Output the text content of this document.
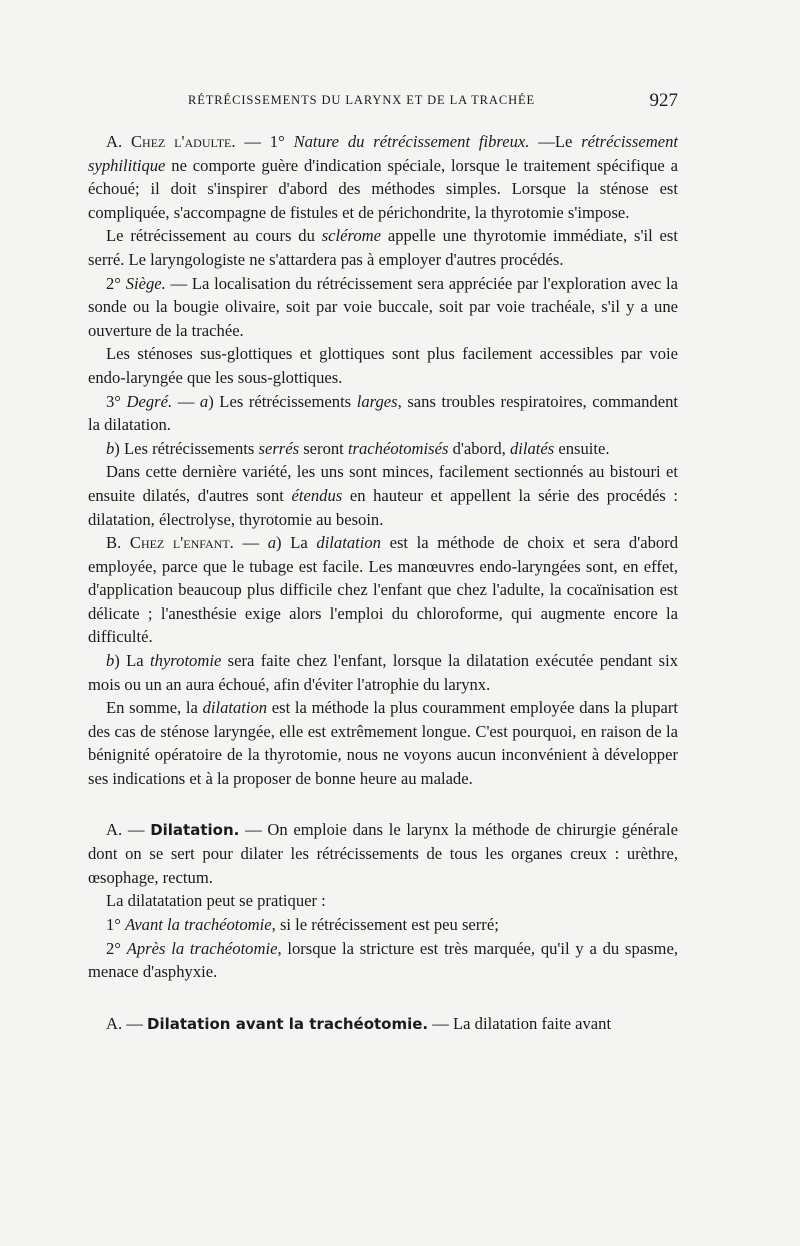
RÉTRÉCISSEMENTS DU LARYNX ET DE LA TRACHÉE	927

A. Chez l'adulte. — 1° Nature du rétrécissement fibreux. —Le rétrécissement syphilitique ne comporte guère d'indication spéciale, lorsque le traitement spécifique a échoué; il doit s'inspirer d'abord des méthodes simples. Lorsque la sténose est compliquée, s'accompagne de fistules et de périchondrite, la thyrotomie s'impose.

Le rétrécissement au cours du sclérome appelle une thyrotomie immédiate, s'il est serré. Le laryngologiste ne s'attardera pas à employer d'autres procédés.

2° Siège. — La localisation du rétrécissement sera appréciée par l'exploration avec la sonde ou la bougie olivaire, soit par voie buccale, soit par voie trachéale, s'il y a une ouverture de la trachée.

Les sténoses sus-glottiques et glottiques sont plus facilement accessibles par voie endo-laryngée que les sous-glottiques.

3° Degré. — a) Les rétrécissements larges, sans troubles respiratoires, commandent la dilatation.

b) Les rétrécissements serrés seront trachéotomisés d'abord, dilatés ensuite.

Dans cette dernière variété, les uns sont minces, facilement sectionnés au bistouri et ensuite dilatés, d'autres sont étendus en hauteur et appellent la série des procédés : dilatation, électrolyse, thyrotomie au besoin.

B. Chez l'enfant. — a) La dilatation est la méthode de choix et sera d'abord employée, parce que le tubage est facile. Les manœuvres endo-laryngées sont, en effet, d'application beaucoup plus difficile chez l'enfant que chez l'adulte, la cocaïnisation est délicate ; l'anesthésie exige alors l'emploi du chloroforme, qui augmente encore la difficulté.

b) La thyrotomie sera faite chez l'enfant, lorsque la dilatation exécutée pendant six mois ou un an aura échoué, afin d'éviter l'atrophie du larynx.

En somme, la dilatation est la méthode la plus couramment employée dans la plupart des cas de sténose laryngée, elle est extrêmement longue. C'est pourquoi, en raison de la bénignité opératoire de la thyrotomie, nous ne voyons aucun inconvénient à développer ses indications et à la proposer de bonne heure au malade.

A. — Dilatation. — On emploie dans le larynx la méthode de chirurgie générale dont on se sert pour dilater les rétrécissements de tous les organes creux : urèthre, œsophage, rectum.

La dilatatation peut se pratiquer :

1° Avant la trachéotomie, si le rétrécissement est peu serré;

2° Après la trachéotomie, lorsque la stricture est très marquée, qu'il y a du spasme, menace d'asphyxie.

A. — Dilatation avant la trachéotomie. — La dilatation faite avant
